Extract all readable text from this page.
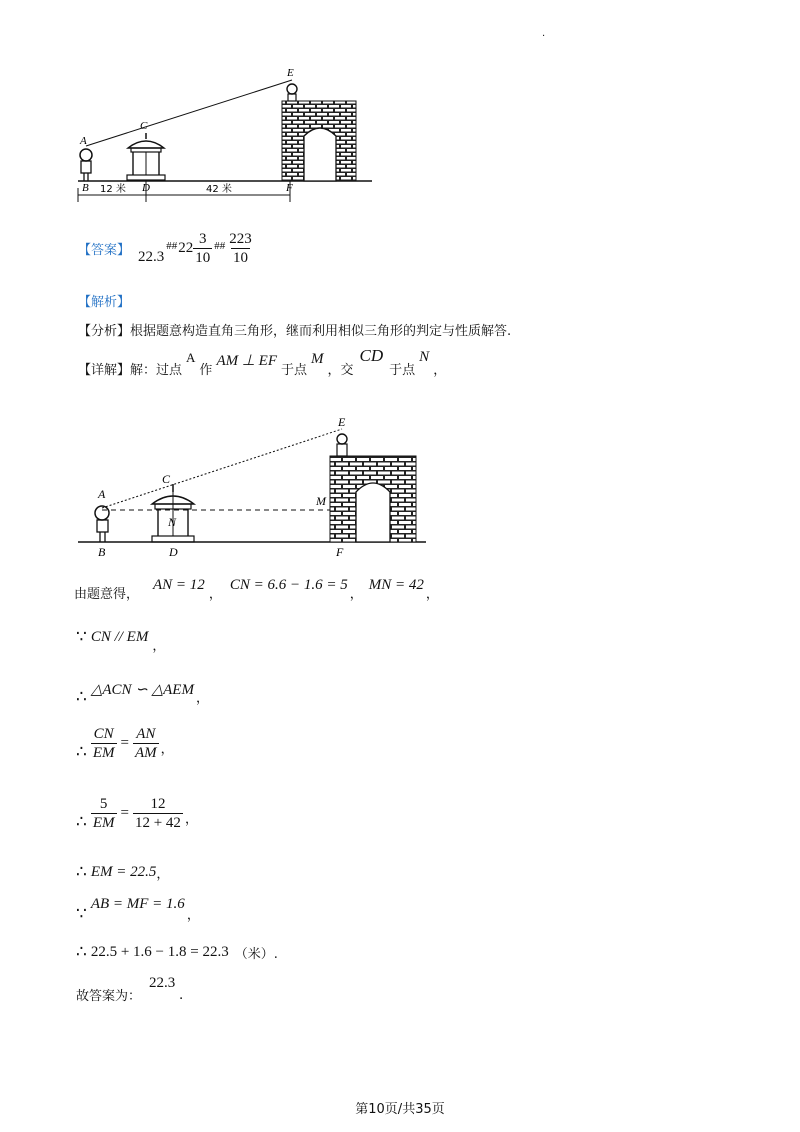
.
A
B
C
D
E
F
12 米	42 米
【答案】 22.3
## $22 \frac{3}{10}$ ## $\frac{223}{10}$
【解析】
【分析】 根据题意构造直角三角形，继而利用相似三角形的判定与性质解答.
【详解】 解：过点
A
作
AM ⊥ EF
于点
M
，交
CD
于点
N
，
A
B
C
D
E
F
M
N
由题意得，
AN = 12
，
CN = 6.6 − 1.6 = 5
，
MN = 42
，
∵ CN // EM
，
∴ △ACN ∽ △AEM
，
∴ $\frac{CN}{EM} = \frac{AN}{AM}$ ，
∴ $\frac{5}{EM} = \frac{12}{12 + 42}$ ，
∴ EM = 22.5 ，
∵
AB = MF = 1.6
，
∴ 22.5 + 1.6 − 1.8 = 22.3 （米）.
故答案为：
22.3
.
第10页/共35页
